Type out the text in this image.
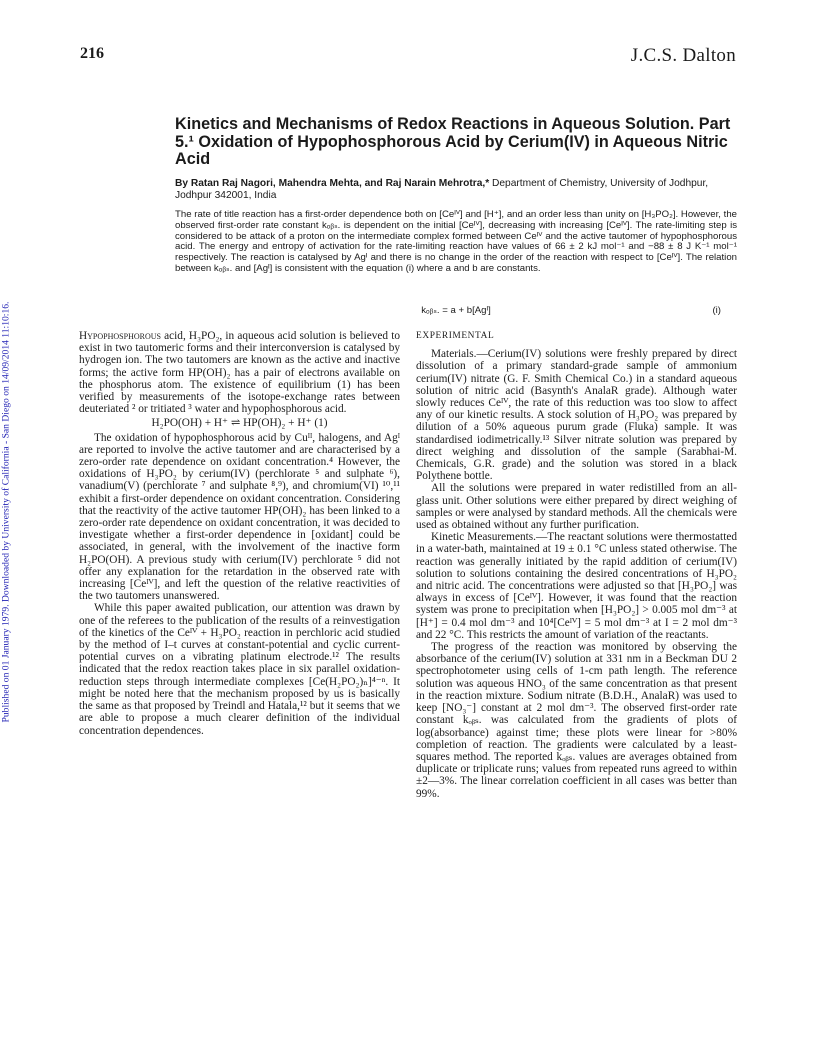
216	J.C.S. Dalton
Published on 01 January 1979. Downloaded by University of California - San Diego on 14/09/2014 11:10:16.
Kinetics and Mechanisms of Redox Reactions in Aqueous Solution. Part 5.¹ Oxidation of Hypophosphorous Acid by Cerium(IV) in Aqueous Nitric Acid
By Ratan Raj Nagori, Mahendra Mehta, and Raj Narain Mehrotra,* Department of Chemistry, University of Jodhpur, Jodhpur 342001, India

The rate of title reaction has a first-order dependence both on [Ceᴵⱽ] and [H⁺], and an order less than unity on [H₃PO₂]. However, the observed first-order rate constant kₒᵦₛ. is dependent on the initial [Ceᴵⱽ], decreasing with increasing [Ceᴵⱽ]. The rate-limiting step is considered to be attack of a proton on the intermediate complex formed between Ceᴵⱽ and the active tautomer of hypophosphorous acid. The energy and entropy of activation for the rate-limiting reaction have values of 66 ± 2 kJ mol⁻¹ and −88 ± 8 J K⁻¹ mol⁻¹ respectively. The reaction is catalysed by Agᴵ and there is no change in the order of the reaction with respect to [Ceᴵⱽ]. The relation between kₒᵦₛ. and [Agᴵ] is consistent with the equation (i) where a and b are constants.

kₒᵦₛ. = a + b[Agᴵ]	(i)

Hypophosphorous acid, H₃PO₂, in aqueous acid solution is believed to exist in two tautomeric forms and their interconversion is catalysed by hydrogen ion. The two tautomers are known as the active and inactive forms; the active form HP(OH)₂ has a pair of electrons available on the phosphorus atom. The existence of equilibrium (1) has been verified by measurements of the isotope-exchange rates between deuteriated ² or tritiated ³ water and hypophosphorous acid.

H₂PO(OH) + H⁺ ⇌ HP(OH)₂ + H⁺ (1)

The oxidation of hypophosphorous acid by Cuᴵᴵ, halogens, and Agᴵ are reported to involve the active tautomer and are characterised by a zero-order rate dependence on oxidant concentration.⁴ However, the oxidations of H₃PO₂ by cerium(IV) (perchlorate ⁵ and sulphate ⁶), vanadium(V) (perchlorate ⁷ and sulphate ⁸,⁹), and chromium(VI) ¹⁰,¹¹ exhibit a first-order dependence on oxidant concentration. Considering that the reactivity of the active tautomer HP(OH)₂ has been linked to a zero-order rate dependence on oxidant concentration, it was decided to investigate whether a first-order dependence in [oxidant] could be associated, in general, with the involvement of the inactive form H₂PO(OH). A previous study with cerium(IV) perchlorate ⁵ did not offer any explanation for the retardation in the observed rate with increasing [Ceᴵⱽ], and left the question of the relative reactivities of the two tautomers unanswered.

While this paper awaited publication, our attention was drawn by one of the referees to the publication of the results of a reinvestigation of the kinetics of the Ceᴵⱽ + H₃PO₂ reaction in perchloric acid studied by the method of I–t curves at constant-potential and cyclic current-potential curves on a vibrating platinum electrode.¹² The results indicated that the redox reaction takes place in six parallel oxidation-reduction steps through intermediate complexes [Ce(H₂PO₂)ₙ]⁴⁻ⁿ. It might be noted here that the mechanism proposed by us is basically the same as that proposed by Treindl and Hatala,¹² but it seems that we are able to propose a much clearer definition of the individual concentration dependences.

EXPERIMENTAL

Materials.—Cerium(IV) solutions were freshly prepared by direct dissolution of a primary standard-grade sample of ammonium cerium(IV) nitrate (G. F. Smith Chemical Co.) in a standard aqueous solution of nitric acid (Basynth's AnalaR grade). Although water slowly reduces Ceᴵⱽ, the rate of this reduction was too slow to affect any of our kinetic results. A stock solution of H₃PO₂ was prepared by dilution of a 50% aqueous purum grade (Fluka) sample. It was standardised iodimetrically.¹³ Silver nitrate solution was prepared by direct weighing and dissolution of the sample (Sarabhai-M. Chemicals, G.R. grade) and the solution was stored in a black Polythene bottle.

All the solutions were prepared in water redistilled from an all-glass unit. Other solutions were either prepared by direct weighing of samples or were analysed by standard methods. All the chemicals were used as obtained without any further purification.

Kinetic Measurements.—The reactant solutions were thermostatted in a water-bath, maintained at 19 ± 0.1 °C unless stated otherwise. The reaction was generally initiated by the rapid addition of cerium(IV) solution to solutions containing the desired concentrations of H₃PO₂ and nitric acid. The concentrations were adjusted so that [H₃PO₂] was always in excess of [Ceᴵⱽ]. However, it was found that the reaction system was prone to precipitation when [H₃PO₂] > 0.005 mol dm⁻³ at [H⁺] = 0.4 mol dm⁻³ and 10⁴[Ceᴵⱽ] = 5 mol dm⁻³ at I = 2 mol dm⁻³ and 22 °C. This restricts the amount of variation of the reactants.

The progress of the reaction was monitored by observing the absorbance of the cerium(IV) solution at 331 nm in a Beckman DU 2 spectrophotometer using cells of 1-cm path length. The reference solution was aqueous HNO₃ of the same concentration as that present in the reaction mixture. Sodium nitrate (B.D.H., AnalaR) was used to keep [NO₃⁻] constant at 2 mol dm⁻³. The observed first-order rate constant kₒᵦₛ. was calculated from the gradients of plots of log(absorbance) against time; these plots were linear for >80% completion of reaction. The gradients were calculated by a least-squares method. The reported kₒᵦₛ. values are averages obtained from duplicate or triplicate runs; values from repeated runs agreed to within ±2—3%. The linear correlation coefficient in all cases was better than 99%.
